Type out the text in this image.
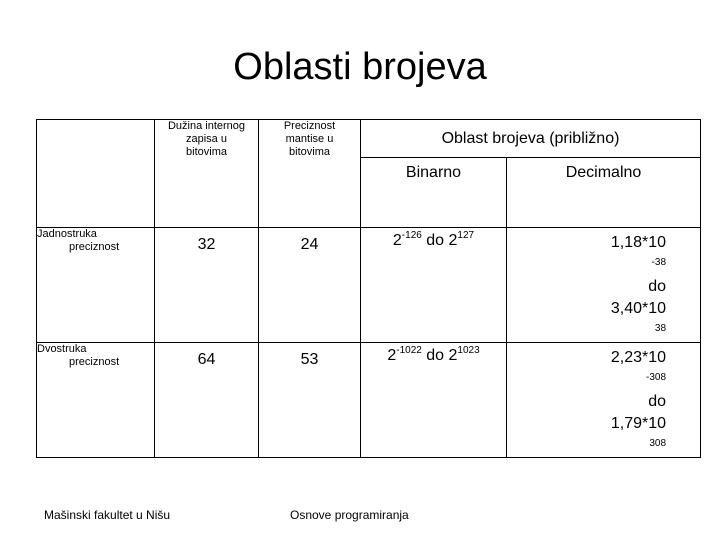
Oblasti brojeva

	Dužina internog
zapisa u
bitovima	Preciznost
mantise u
bitovima	Oblast brojeva (približno)	
			Binarno	Decimalno

Jadnostruka
preciznost	32	24	$2^{-126}$ do $2^{127}$	1,18*10
$^{-38}$
do
3,40*10
$^{38}$

Dvostruka
preciznost	64	53	$2^{-1022}$ do $2^{1023}$	2,23*10
$^{-308}$
do
1,79*10
$^{308}$
Mašinski fakultet u Nišu	Osnove programiranja
